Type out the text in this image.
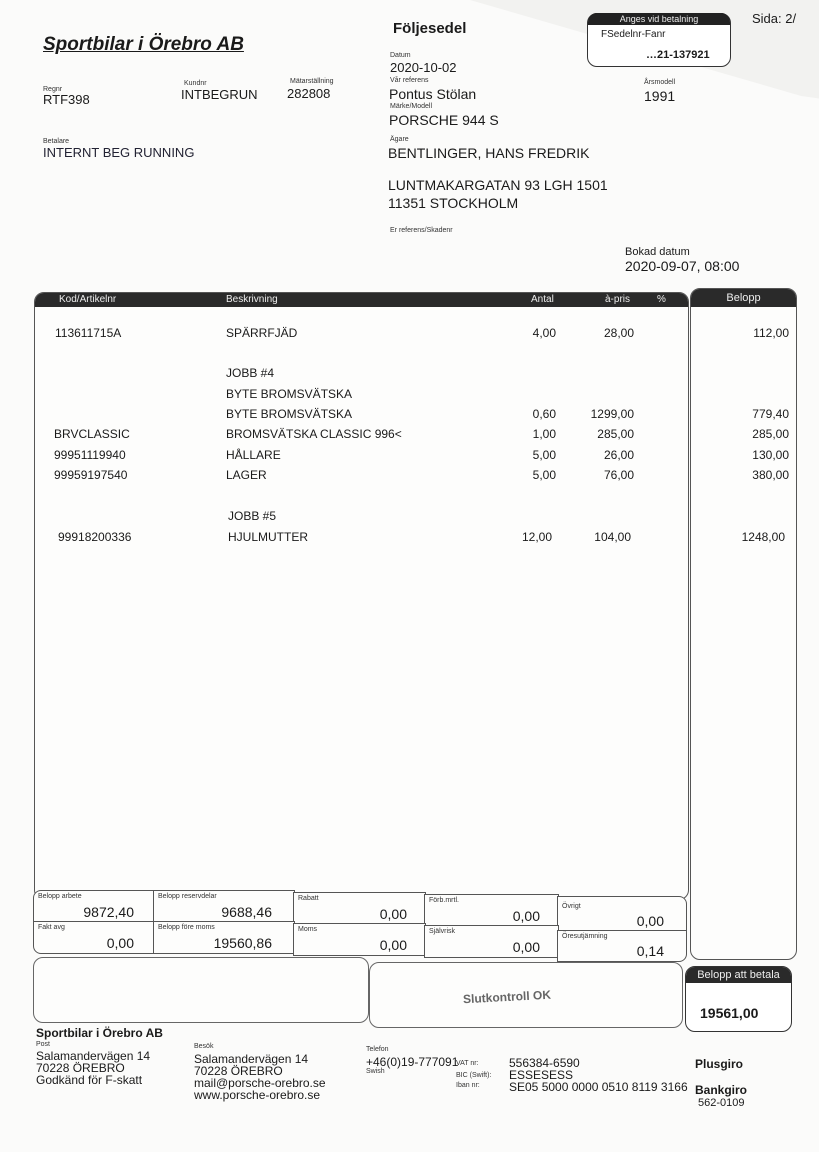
Anges vid betalning
FSedelnr-Fanr
…21-137921
Sportbilar i Örebro AB
Följesedel
Sida: 2/
Regnr
RTF398
Kundnr
INTBEGRUN
Mätarställning
282808
Betalare
INTERNT BEG RUNNING
Datum
2020-10-02
Vår referens
Pontus Stölan
Märke/Modell
PORSCHE 944 S
Årsmodell
1991
Ägare
BENTLINGER, HANS FREDRIK
LUNTMAKARGATAN 93 LGH 1501
11351 STOCKHOLM
Er referens/Skadenr
Bokad datum
2020-09-07, 08:00
Belopp
Kod/Artikelnr	Beskrivning	Antal	à-pris	%
113611715A	SPÄRRFJÄD	4,00	28,00	112,00
JOBB #4
BYTE BROMSVÄTSKA
BYTE BROMSVÄTSKA	0,60	1299,00	779,40
BRVCLASSIC	BROMSVÄTSKA CLASSIC 996<	1,00	285,00	285,00
99951119940	HÅLLARE	5,00	26,00	130,00
99959197540	LAGER	5,00	76,00	380,00
JOBB #5
99918200336	HJULMUTTER	12,00	104,00	1248,00
Belopp arbete
9872,40
Belopp reservdelar
9688,46
Rabatt
0,00
Förb.mrtl.
0,00
Övrigt
0,00
Fakt avg
0,00
Belopp före moms
19560,86
Moms
0,00
Självrisk
0,00
Öresutjämning
0,14
Slutkontroll OK
Belopp att betala
19561,00
Sportbilar i Örebro AB
Post
Salamandervägen 14
70228 ÖREBRO
Godkänd för F-skatt
Besök
Salamandervägen 14
70228 ÖREBRO
mail@porsche-orebro.se
www.porsche-orebro.se
Telefon
+46(0)19-777091
Swish
VAT nr:	556384-6590
BIC (Swift): ESSESESS
Iban nr: SE05 5000 0000 0510 8119 3166
Plusgiro
Bankgiro
562-0109
